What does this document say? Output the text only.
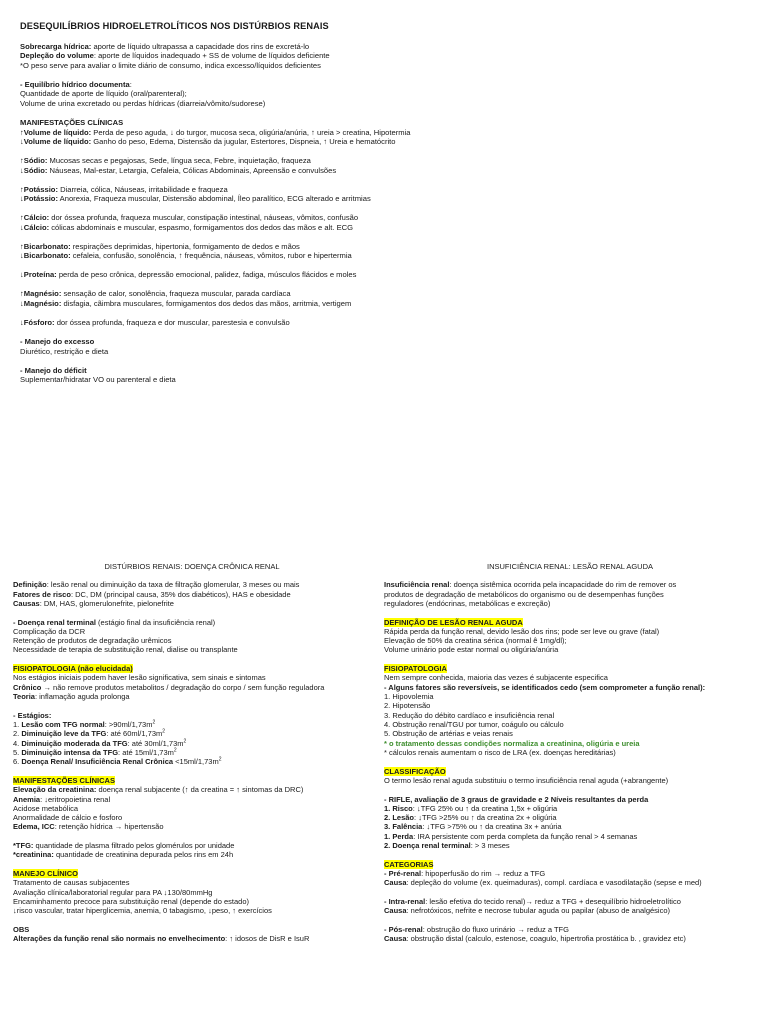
DESEQUILÍBRIOS HIDROELETROLÍTICOS NOS DISTÚRBIOS RENAIS
Sobrecarga hídrica: aporte de líquido ultrapassa a capacidade dos rins de excretá-lo
Depleção do volume: aporte de líquidos inadequado + SS de volume de líquidos deficiente
*O peso serve para avaliar o limite diário de consumo, indica excesso/líquidos deficientes
- Equilíbrio hídrico documenta:
Quantidade de aporte de líquido (oral/parenteral);
Volume de urina excretado ou perdas hídricas (diarreia/vômito/sudorese)
MANIFESTAÇÕES CLÍNICAS
↑Volume de líquido: Perda de peso aguda, ↓ do turgor, mucosa seca, oligúria/anúria, ↑ ureia > creatina, Hipotermia
↓Volume de líquido: Ganho do peso, Edema, Distensão da jugular, Estertores, Dispneia, ↑ Ureia e hematócrito
↑Sódio: Mucosas secas e pegajosas, Sede, língua seca, Febre, inquietação, fraqueza
↓Sódio: Náuseas, Mal-estar, Letargia, Cefaleia, Cólicas Abdominais, Apreensão e convulsões
↑Potássio: Diarreia, cólica, Náuseas, irritabilidade e fraqueza
↓Potássio: Anorexia, Fraqueza muscular, Distensão abdominal, Íleo paralítico, ECG alterado e arritmias
↑Cálcio: dor óssea profunda, fraqueza muscular, constipação intestinal, náuseas, vômitos, confusão
↓Cálcio: cólicas abdominais e muscular, espasmo, formigamentos dos dedos das mãos e alt. ECG
↑Bicarbonato: respirações deprimidas, hipertonia, formigamento de dedos e mãos
↓Bicarbonato: cefaleia, confusão, sonolência, ↑ frequência, náuseas, vômitos, rubor e hipertermia
↓Proteína: perda de peso crônica, depressão emocional, palidez, fadiga, músculos flácidos e moles
↑Magnésio: sensação de calor, sonolência, fraqueza muscular, parada cardíaca
↓Magnésio: disfagia, cãimbra musculares, formigamentos dos dedos das mãos, arritmia, vertigem
↓Fósforo: dor óssea profunda, fraqueza e dor muscular, parestesia e convulsão
- Manejo do excesso
Diurético, restrição e dieta
- Manejo do déficit
Suplementar/hidratar VO ou parenteral e dieta
DISTÚRBIOS RENAIS: DOENÇA CRÔNICA RENAL
Definição: lesão renal ou diminuição da taxa de filtração glomerular, 3 meses ou mais
Fatores de risco: DC, DM (principal causa, 35% dos diabéticos), HAS e obesidade
Causas: DM, HAS, glomerulonefrite, pielonefrite
- Doença renal terminal (estágio final da insuficiência renal)
Complicação da DCR
Retenção de produtos de degradação urêmicos
Necessidade de terapia de substituição renal, dialise ou transplante
FISIOPATOLOGIA (não elucidada)
Nos estágios iniciais podem haver lesão significativa, sem sinais e sintomas
Crônico → não remove produtos metabolitos / degradação do corpo / sem função reguladora
Teoria: inflamação aguda prolonga
- Estágios:
1. Lesão com TFG normal: $>90ml/1,73m^2$
2. Diminuição leve da TFG: até $60ml/1,73m^2$
4. Diminuição moderada da TFG: até $30ml/1,73m^2$
5. Diminuição intensa da TFG: até $15ml/1,73m^2$
6. Doença Renal/ Insuficiência Renal Crônica $<15ml/1,73m^2$
MANIFESTAÇÕES CLÍNICAS
Elevação da creatinina: doença renal subjacente (↑ da creatina = ↑ sintomas da DRC)
Anemia: ↓eritropoietina renal
Acidose metabólica
Anormalidade de cálcio e fosforo
Edema, ICC: retenção hídrica → hipertensão
*TFG: quantidade de plasma filtrado pelos glomérulos por unidade
*creatinina: quantidade de creatinina depurada pelos rins em 24h
MANEJO CLÍNICO
Tratamento de causas subjacentes
Avaliação clínica/laboratorial regular para PA ↓130/80mmHg
Encaminhamento precoce para substituição renal (depende do estado)
↓risco vascular, tratar hiperglicemia, anemia, 0 tabagismo, ↓peso, ↑ exercícios
OBS
Alterações da função renal são normais no envelhecimento: ↑ idosos de DisR e IsuR
INSUFICIÊNCIA RENAL: LESÃO RENAL AGUDA
Insuficiência renal: doença sistêmica ocorrida pela incapacidade do rim de remover os
produtos de degradação de metabólicos do organismo ou de desempenhas funções
reguladores (endócrinas, metabólicas e excreção)
DEFINIÇÃO DE LESÃO RENAL AGUDA
Rápida perda da função renal, devido lesão dos rins; pode ser leve ou grave (fatal)
Elevação de 50% da creatina sérica (normal ê 1mg/dl);
Volume urinário pode estar normal ou oligúria/anúria
FISIOPATOLOGIA
Nem sempre conhecida, maioria das vezes é subjacente especifica
- Alguns fatores são reversíveis, se identificados cedo (sem comprometer a função renal):
1. Hipovolemia
2. Hipotensão
3. Redução do débito cardíaco e insuficiência renal
4. Obstrução renal/TGU por tumor, coágulo ou cálculo
5. Obstrução de artérias e veias renais
* o tratamento dessas condições normaliza a creatinina, oligúria e ureia
* cálculos renais aumentam o risco de LRA (ex. doenças hereditárias)
CLASSIFICAÇÃO
O termo lesão renal aguda substituiu o termo insuficiência renal aguda (+abrangente)
- RIFLE, avaliação de 3 graus de gravidade e 2 Níveis resultantes da perda
1. Risco: ↓TFG 25% ou ↑ da creatina 1,5x + oligúria
2. Lesão: ↓TFG >25% ou ↑ da creatina 2x + oligúria
3. Falência: ↓TFG >75% ou ↑ da creatina 3x + anúria
1. Perda: IRA persistente com perda completa da função renal > 4 semanas
2. Doença renal terminal: > 3 meses
CATEGORIAS
- Pré-renal: hipoperfusão do rim → reduz a TFG
Causa: depleção do volume (ex. queimaduras), compl. cardíaca e vasodilatação (sepse e med)
- Intra-renal: lesão efetiva do tecido renal)→ reduz a TFG + desequilíbrio hidroeletrolítico
Causa: nefrotóxicos, nefrite e necrose tubular aguda ou papilar (abuso de analgésico)
- Pós-renal: obstrução do fluxo urinário → reduz a TFG
Causa: obstrução distal (calculo, estenose, coagulo, hipertrofia prostática b. , gravidez etc)
